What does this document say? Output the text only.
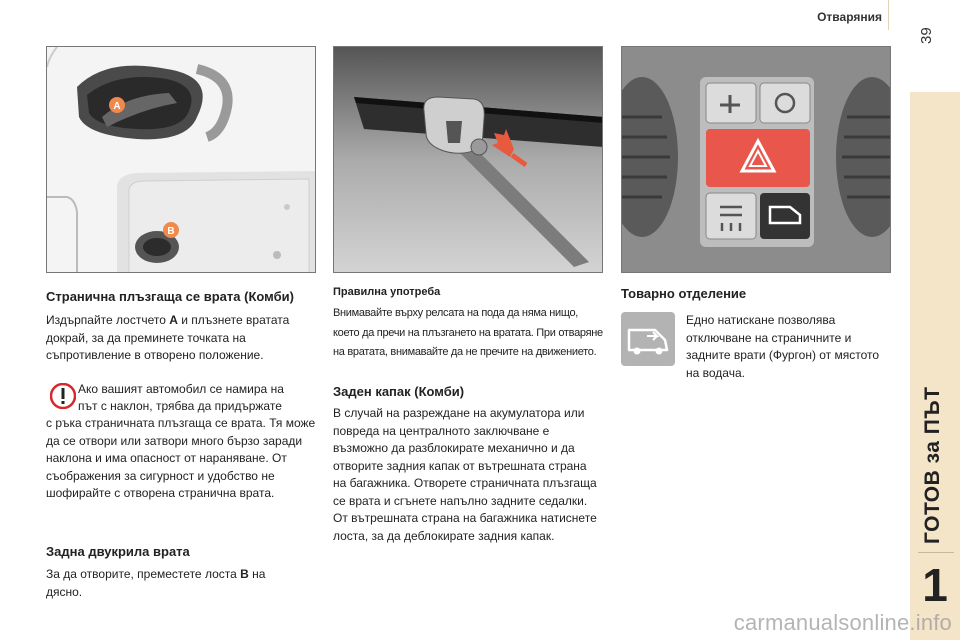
Отваряния
39
ГОТОВ за ПЪТ
1
A
B
Странична плъзгаща се врата (Комби)
Издърпайте лостчето A и плъзнете вратата докрай, за да преминете точката на съпротивление в отворено положение.
Ако вашият автомобил се намира на
път с наклон, трябва да придържате
с ръка страничната плъзгаща се врата. Тя може да се отвори или затвори много бързо заради наклона и има опасност от нараняване. От съображения за сигурност и удобство не шофирайте с отворена странична врата.
Задна двукрила врата
За да отворите, преместете лоста B на дясно.
Правилна употреба
Внимавайте върху релсата на пода да няма нищо, което да пречи на плъзгането на вратата. При отваряне на вратата, внимавайте да не пречите на движението.
Заден капак (Комби)
В случай на разреждане на акумулатора или повреда на централното заключване е възможно да разблокирате механично и да отворите задния капак от вътрешната страна на багажника. Отворете страничната плъзгаща се врата и сгънете напълно задните седалки. От вътрешната страна на багажника натиснете лоста, за да деблокирате задния капак.
Товарно отделение
Едно натискане позволява отключване на страничните и задните врати (Фургон) от мястото на водача.
carmanualsonline.info
